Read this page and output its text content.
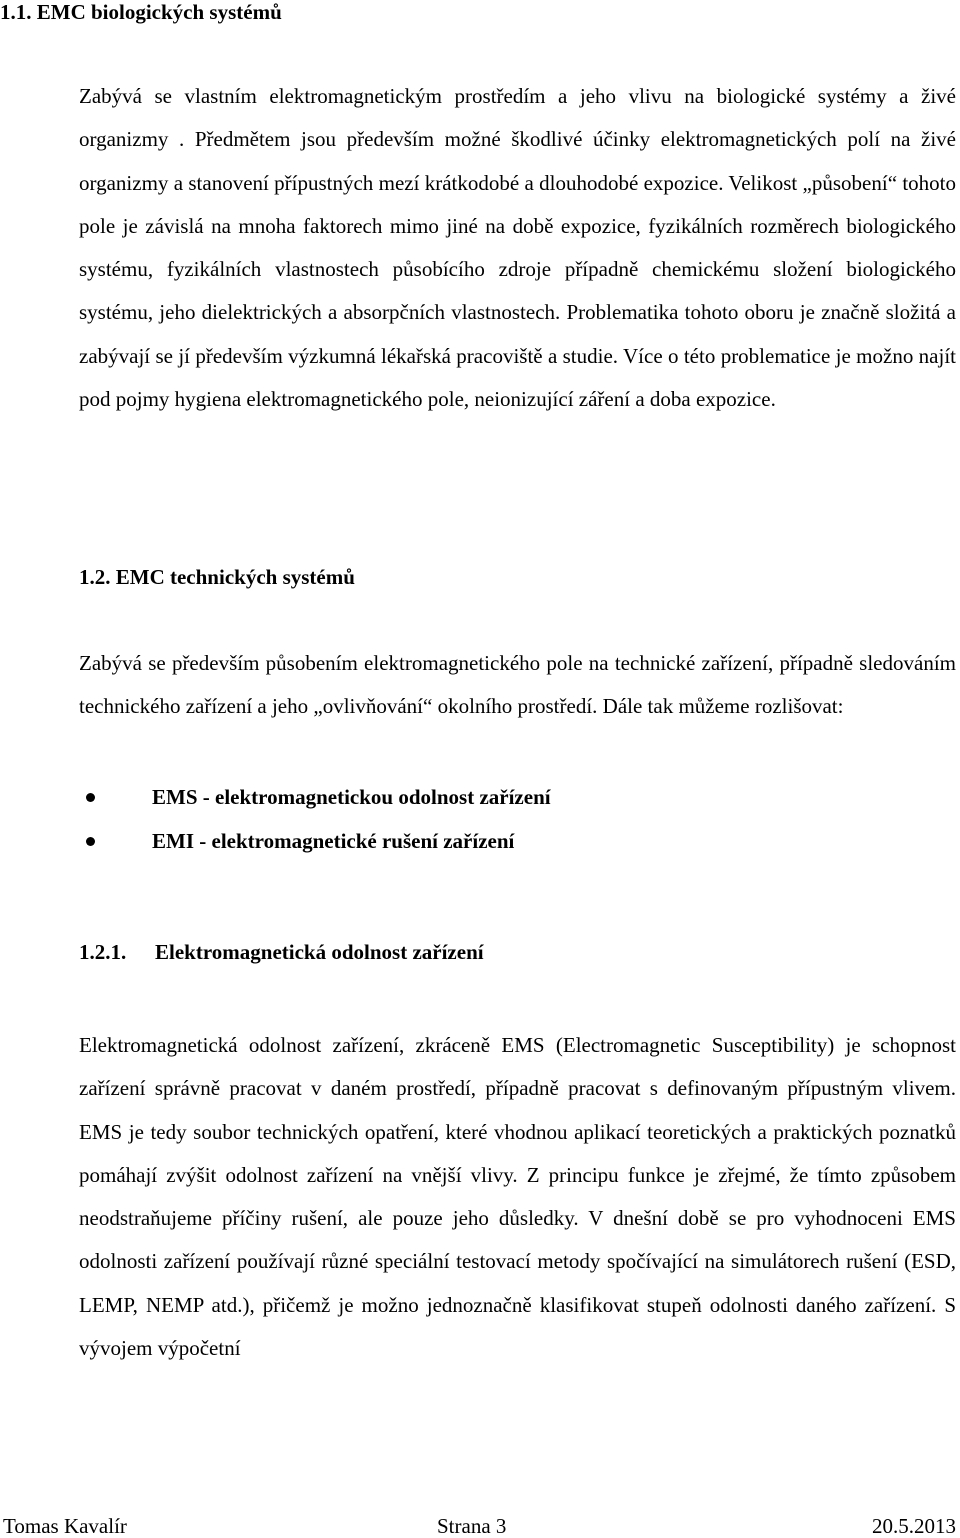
1.1. EMC biologických systémů

Zabývá se vlastním elektromagnetickým prostředím a jeho vlivu na biologické systémy a živé organizmy . Předmětem jsou především možné škodlivé účinky elektromagnetických polí na živé organizmy a stanovení přípustných mezí krátkodobé a dlouhodobé expozice. Velikost „působení“ tohoto pole je závislá na mnoha faktorech mimo jiné na době expozice, fyzikálních rozměrech biologického systému, fyzikálních vlastnostech působícího zdroje případně chemickému složení biologického systému, jeho dielektrických a absorpčních vlastnostech. Problematika tohoto oboru je značně složitá a zabývají se jí především výzkumná lékařská pracoviště a studie. Více o této problematice je možno najít pod pojmy hygiena elektromagnetického pole, neionizující záření a doba expozice.

1.2. EMC technických systémů

Zabývá se především působením elektromagnetického pole na technické zařízení, případně sledováním technického zařízení a jeho „ovlivňování“ okolního prostředí. Dále tak můžeme rozlišovat:

EMS - elektromagnetickou odolnost zařízení
EMI - elektromagnetické rušení zařízení
1.2.1. Elektromagnetická odolnost zařízení

Elektromagnetická odolnost zařízení, zkráceně EMS (Electromagnetic Susceptibility) je schopnost zařízení správně pracovat v daném prostředí, případně pracovat s definovaným přípustným vlivem. EMS je tedy soubor technických opatření, které vhodnou aplikací teoretických a praktických poznatků pomáhají zvýšit odolnost zařízení na vnější vlivy. Z principu funkce je zřejmé, že tímto způsobem neodstraňujeme příčiny rušení, ale pouze jeho důsledky. V dnešní době se pro vyhodnoceni EMS odolnosti zařízení používají různé speciální testovací metody spočívající na simulátorech rušení (ESD, LEMP, NEMP atd.), přičemž je možno jednoznačně klasifikovat stupeň odolnosti daného zařízení. S vývojem výpočetní

Tomas Kavalír	Strana 3	20.5.2013
